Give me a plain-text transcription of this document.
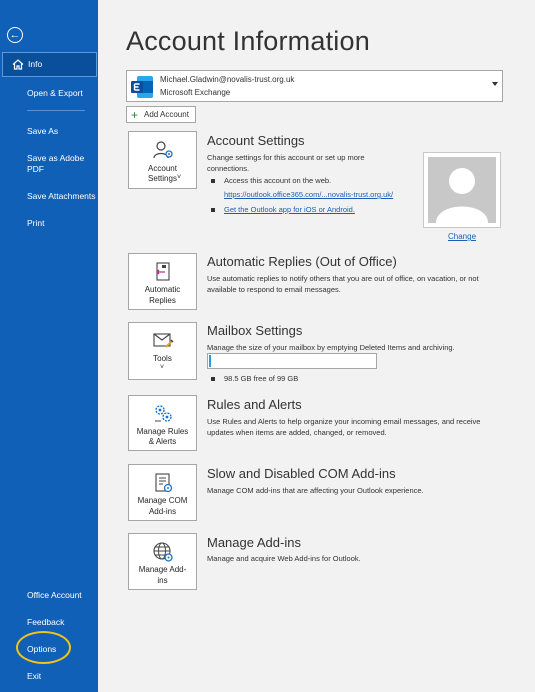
←
Info
Open & Export
Save As
Save as Adobe PDF
Save Attachments
Print
Office Account
Feedback
Options
Exit
Account Information
Michael.Gladwin@novalis-trust.org.uk
Microsoft Exchange
+ Add Account
Account Settings ˅
Account Settings
Change settings for this account or set up more connections.
Access this account on the web.
https://outlook.office365.com/...novalis-trust.org.uk/
Get the Outlook app for iOS or Android.
Change
Automatic
Replies
Automatic Replies (Out of Office)
Use automatic replies to notify others that you are out of office, on vacation, or not available to respond to email messages.
Tools
˅
Mailbox Settings
Manage the size of your mailbox by emptying Deleted Items and archiving.
98.5 GB free of 99 GB
Manage Rules
& Alerts
Rules and Alerts
Use Rules and Alerts to help organize your incoming email messages, and receive updates when items are added, changed, or removed.
Manage COM
Add-ins
Slow and Disabled COM Add-ins
Manage COM add-ins that are affecting your Outlook experience.
Manage Add-
ins
Manage Add-ins
Manage and acquire Web Add-ins for Outlook.
